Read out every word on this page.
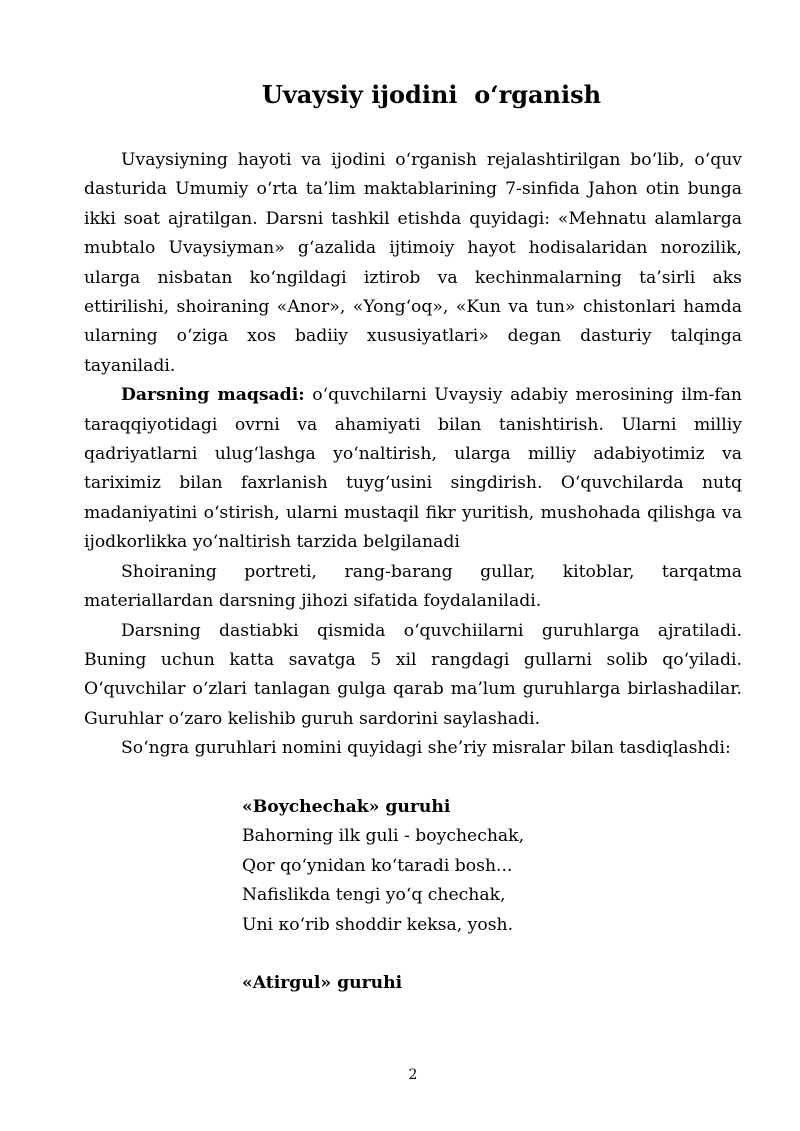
Uvaysiy ijodini  o‘rganish

Uvaysiyning hayoti va ijodini o‘rganish rejalashtirilgan bo‘lib, o‘quv dasturida Umumiy o‘rta ta’lim maktablarining 7-sinfida Jahon otin bunga ikki soat ajratilgan. Darsni tashkil etishda quyidagi: «Mehnatu alamlarga mubtalo Uvaysiyman» g‘azalida ijtimoiy hayot hodisalaridan norozilik, ularga nisbatan ko‘ngildagi iztirob va kechinmalarning ta’sirli aks ettirilishi, shoiraning «Anor», «Yong‘oq», «Kun va tun» chistonlari hamda ularning o‘ziga xos badiiy xususiyatlari» degan dasturiy talqinga tayaniladi.

Darsning maqsadi: o‘quvchilarni Uvaysiy adabiy merosining ilm-fan taraqqiyotidagi ovrni va ahamiyati bilan tanishtirish. Ularni milliy qadriyatlarni ulug‘lashga yo‘naltirish, ularga milliy adabiyotimiz va tariximiz bilan faxrlanish tuyg‘usini singdirish. O‘quvchilarda nutq madaniyatini o‘stirish, ularni mustaqil fikr yuritish, mushohada qilishga va ijodkorlikka yo‘naltirish tarzida belgilanadi

Shoiraning portreti, rang-barang gullar, kitoblar, tarqatma materiallardan darsning jihozi sifatida foydalaniladi.

Darsning dastiabki qismida o‘quvchiilarni guruhlarga ajratiladi. Buning uchun katta savatga 5 xil rangdagi gullarni solib qo‘yiladi. O‘quvchilar o‘zlari tanlagan gulga qarab ma’lum guruhlarga birlashadilar. Guruhlar o‘zaro kelishib guruh sardorini saylashadi.

So‘ngra guruhlari nomini quyidagi she’riy misralar bilan tasdiqlashdi:

«Boychechak» guruhi
Bahorning ilk guli - boychechak,
Qor qo‘ynidan ko‘taradi bosh...
Nafislikda tengi yo‘q chechak,
Uni кo‘rib shoddir keksa, yosh.
«Atirgul» guruhi
2
